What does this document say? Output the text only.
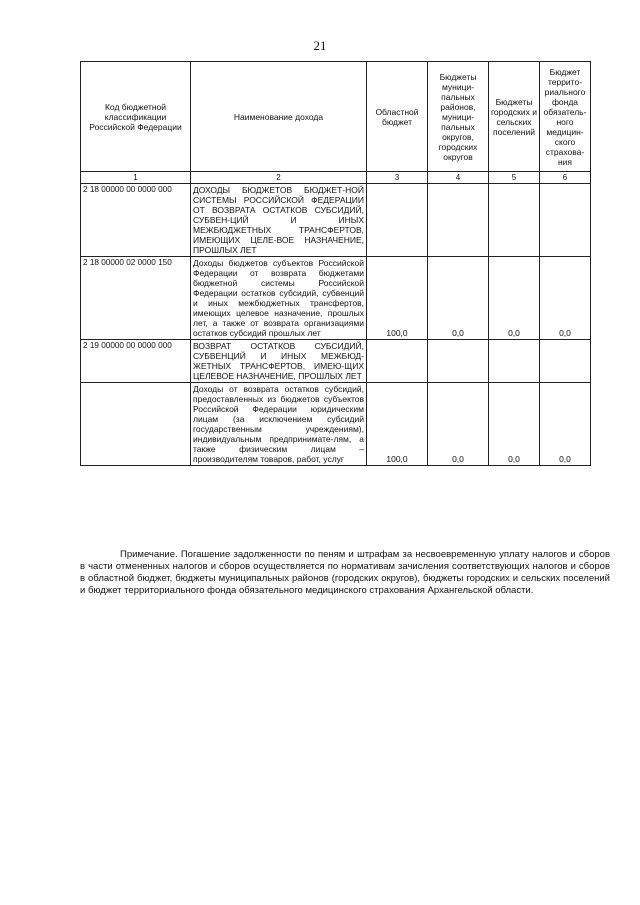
21
Код бюджетной классификации Российской Федерации	Наименование дохода	Областной бюджет	Бюджеты муници-пальных районов, муници-пальных округов, городских округов	Бюджеты городских и сельских поселений	Бюджет террито-риального фонда обязатель-ного медицин-ского страхова-ния
1	2	3	4	5	6
2 18 00000 00 0000 000	ДОХОДЫ БЮДЖЕТОВ БЮДЖЕТ-НОЙ СИСТЕМЫ РОССИЙСКОЙ ФЕДЕРАЦИИ ОТ ВОЗВРАТА ОСТАТКОВ СУБСИДИЙ, СУБВЕН-ЦИЙ И ИНЫХ МЕЖБЮДЖЕТНЫХ ТРАНСФЕРТОВ, ИМЕЮЩИХ ЦЕЛЕ-ВОЕ НАЗНАЧЕНИЕ, ПРОШЛЫХ ЛЕТ				
2 18 00000 02 0000 150	Доходы бюджетов субъектов Российской Федерации от возврата бюджетами бюджетной системы Российской Федерации остатков субсидий, субвенций и иных межбюджетных трансфертов, имеющих целевое назначение, прошлых лет, а также от возврата организациями остатков субсидий прошлых лет	100,0	0,0	0,0	0,0
2 19 00000 00 0000 000	ВОЗВРАТ ОСТАТКОВ СУБСИДИЙ, СУБВЕНЦИЙ И ИНЫХ МЕЖБЮД-ЖЕТНЫХ ТРАНСФЕРТОВ, ИМЕЮ-ЩИХ ЦЕЛЕВОЕ НАЗНАЧЕНИЕ, ПРОШЛЫХ ЛЕТ				
	Доходы от возврата остатков субсидий, предоставленных из бюджетов субъектов Российской Федерации юридическим лицам (за исключением субсидий государственным учреждениям), индивидуальным предпринимате-лям, а также физическим лицам – производителям товаров, работ, услуг	100,0	0,0	0,0	0,0

Примечание. Погашение задолженности по пеням и штрафам за несвоевременную уплату налогов и сборов в части отмененных налогов и сборов осуществляется по нормативам зачисления соответствующих налогов и сборов в областной бюджет, бюджеты муниципальных районов (городских округов), бюджеты городских и сельских поселений и бюджет территориального фонда обязательного медицинского страхования Архангельской области.
